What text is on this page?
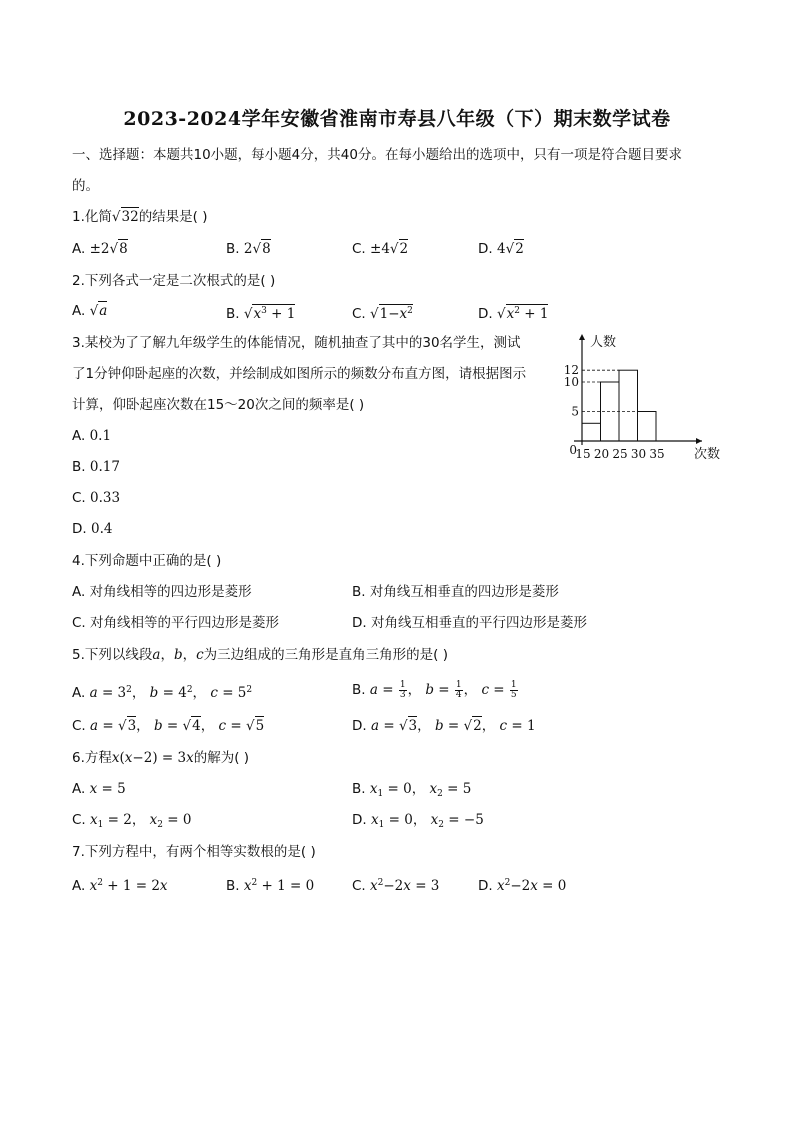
2023-2024学年安徽省淮南市寿县八年级（下）期末数学试卷
一、选择题：本题共10小题，每小题4分，共40分。在每小题给出的选项中，只有一项是符合题目要求
的。
1.化简√32的结果是( )
A. ±2√8	B. 2√8	C. ±4√2	D. 4√2
2.下列各式一定是二次根式的是( )
A. √a	B. $√x^3 + 1$	C. $√1-x^2$	D. $√x^2 + 1$
3.某校为了了解九年级学生的体能情况，随机抽查了其中的30名学生，测试
了1分钟仰卧起座的次数，并绘制成如图所示的频数分布直方图，请根据图示
计算，仰卧起座次数在15～20次之间的频率是( )
A. 0.1
B. 0.17
C. 0.33
D. 0.4
5
10
12
15 20 25 30 35
0
人数
次数
4.下列命题中正确的是( )
A. 对角线相等的四边形是菱形	B. 对角线互相垂直的四边形是菱形
C. 对角线相等的平行四边形是菱形	D. 对角线互相垂直的平行四边形是菱形
5.下列以线段a，b，c为三边组成的三角形是直角三角形的是( )
A. $a = 3^2$， $b = 4^2$， $c = 5^2$	B. $a = \frac{1}{3}$ ， $b = \frac{1}{4}$ ， $c = \frac{1}{5}$
C. a = √3， b = √4， c = √5	D. a = √3， b = √2， c = 1
6.方程x(x−2) = 3x的解为( )
A. x = 5	B. $x_1 = 0$， $x_2 = 5$
C. $x_1 = 2$， $x_2 = 0$	D. $x_1 = 0$， $x_2 = -5$
7.下列方程中，有两个相等实数根的是( )
A. $x^2 + 1 = 2x$	B. $x^2 + 1 = 0$	C. $x^2-2x = 3$	D. $x^2-2x = 0$
